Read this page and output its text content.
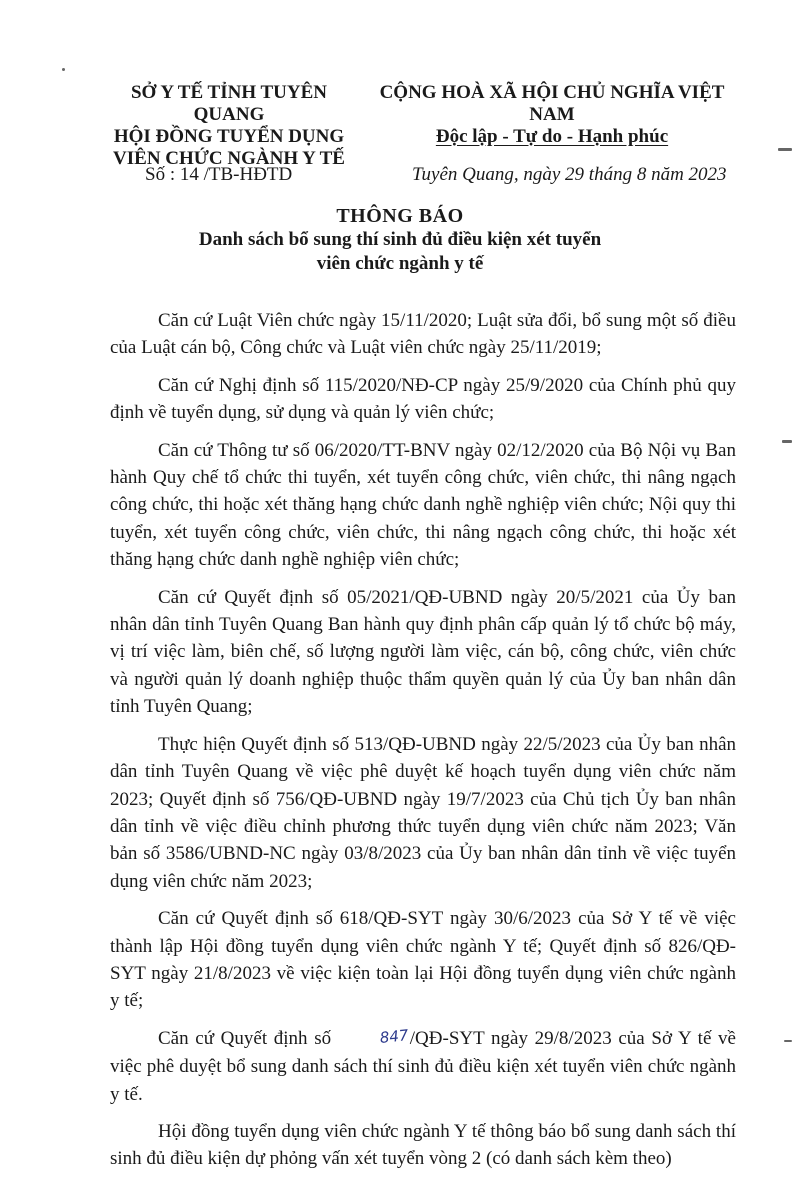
SỞ Y TẾ TỈNH TUYÊN QUANG
HỘI ĐỒNG TUYỂN DỤNG
VIÊN CHỨC NGÀNH Y TẾ
CỘNG HOÀ XÃ HỘI CHỦ NGHĨA VIỆT NAM
Độc lập - Tự do - Hạnh phúc
Số : 14 /TB-HĐTD	Tuyên Quang, ngày 29 tháng 8 năm 2023
THÔNG BÁO
Danh sách bổ sung thí sinh đủ điều kiện xét tuyển
viên chức ngành y tế

Căn cứ Luật Viên chức ngày 15/11/2020; Luật sửa đổi, bổ sung một số điều của Luật cán bộ, Công chức và Luật viên chức ngày 25/11/2019;

Căn cứ Nghị định số 115/2020/NĐ-CP ngày 25/9/2020 của Chính phủ quy định về tuyển dụng, sử dụng và quản lý viên chức;

Căn cứ Thông tư số 06/2020/TT-BNV ngày 02/12/2020 của Bộ Nội vụ Ban hành Quy chế tổ chức thi tuyển, xét tuyển công chức, viên chức, thi nâng ngạch công chức, thi hoặc xét thăng hạng chức danh nghề nghiệp viên chức; Nội quy thi tuyển, xét tuyển công chức, viên chức, thi nâng ngạch công chức, thi hoặc xét thăng hạng chức danh nghề nghiệp viên chức;

Căn cứ Quyết định số 05/2021/QĐ-UBND ngày 20/5/2021 của Ủy ban nhân dân tỉnh Tuyên Quang Ban hành quy định phân cấp quản lý tổ chức bộ máy, vị trí việc làm, biên chế, số lượng người làm việc, cán bộ, công chức, viên chức và người quản lý doanh nghiệp thuộc thẩm quyền quản lý của Ủy ban nhân dân tỉnh Tuyên Quang;

Thực hiện Quyết định số 513/QĐ-UBND ngày 22/5/2023 của Ủy ban nhân dân tỉnh Tuyên Quang về việc phê duyệt kế hoạch tuyển dụng viên chức năm 2023; Quyết định số 756/QĐ-UBND ngày 19/7/2023 của Chủ tịch Ủy ban nhân dân tỉnh về việc điều chỉnh phương thức tuyển dụng viên chức năm 2023; Văn bản số 3586/UBND-NC ngày 03/8/2023 của Ủy ban nhân dân tỉnh về việc tuyển dụng viên chức năm 2023;

Căn cứ Quyết định số 618/QĐ-SYT ngày 30/6/2023 của Sở Y tế về việc thành lập Hội đồng tuyển dụng viên chức ngành Y tế; Quyết định số 826/QĐ-SYT ngày 21/8/2023 về việc kiện toàn lại Hội đồng tuyển dụng viên chức ngành y tế;

Căn cứ Quyết định số	847/QĐ-SYT ngày 29/8/2023 của Sở Y tế về việc phê duyệt bổ sung danh sách thí sinh đủ điều kiện xét tuyển viên chức ngành y tế.

Hội đồng tuyển dụng viên chức ngành Y tế thông báo bổ sung danh sách thí sinh đủ điều kiện dự phỏng vấn xét tuyển vòng 2 (có danh sách kèm theo)
